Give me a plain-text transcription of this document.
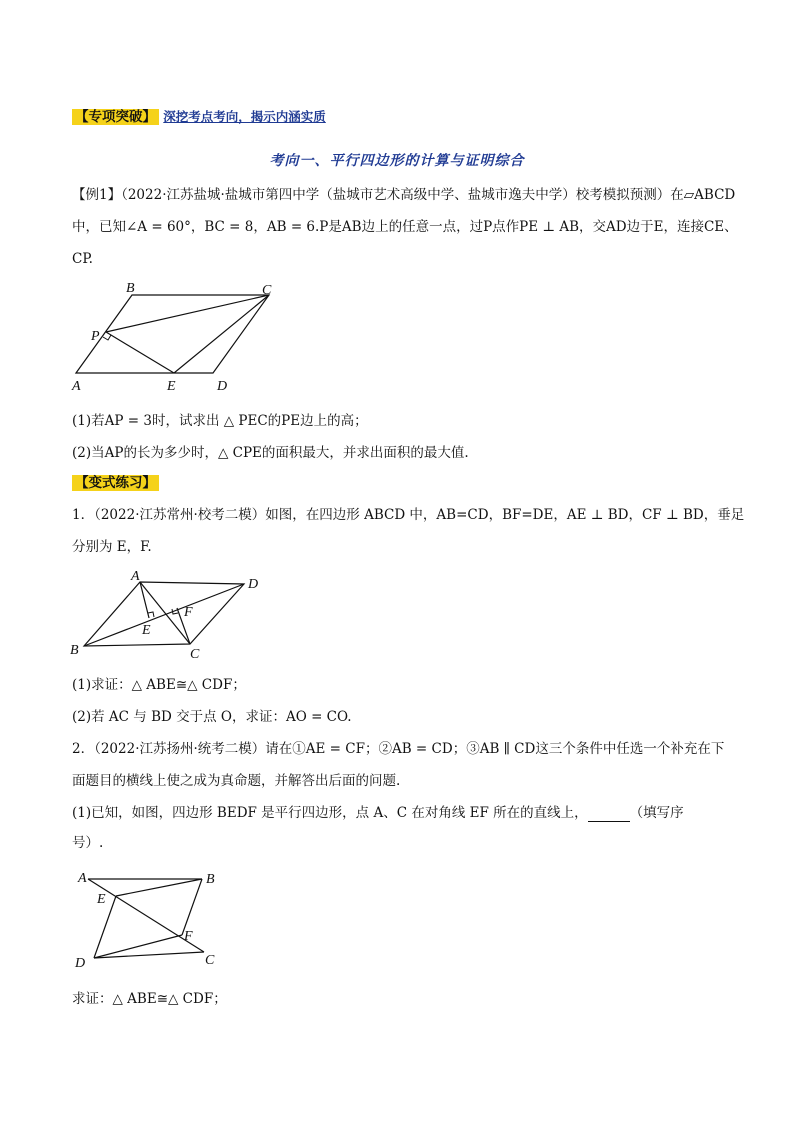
【专项突破】 深挖考点考向，揭示内涵实质
考向一、平行四边形的计算与证明综合
【例1】（2022·江苏盐城·盐城市第四中学（盐城市艺术高级中学、盐城市逸夫中学）校考模拟预测）在▱ABCD
中，已知∠A = 60°，BC = 8，AB = 6.P是AB边上的任意一点，过P点作PE ⊥ AB，交AD边于E，连接CE、
CP.
B	C
P
A	E	D
(1)若AP = 3时，试求出 △ PEC的PE边上的高；
(2)当AP的长为多少时，△ CPE的面积最大，并求出面积的最大值.
【变式练习】
1．（2022·江苏常州·校考二模）如图，在四边形 ABCD 中，AB=CD，BF=DE，AE ⊥ BD，CF ⊥ BD，垂足
分别为 E，F.
A
D
F
E
B	C
(1)求证：△ ABE≅△ CDF；
(2)若 AC 与 BD 交于点 O，求证：AO = CO.
2．（2022·江苏扬州·统考二模）请在①AE = CF；②AB = CD；③AB ∥ CD这三个条件中任选一个补充在下
面题目的横线上使之成为真命题，并解答出后面的问题.
(1)已知，如图，四边形 BEDF 是平行四边形，点 A、C 在对角线 EF 所在的直线上，	（填写序
号）.
A	B
E
F
D	C
求证：△ ABE≅△ CDF；
